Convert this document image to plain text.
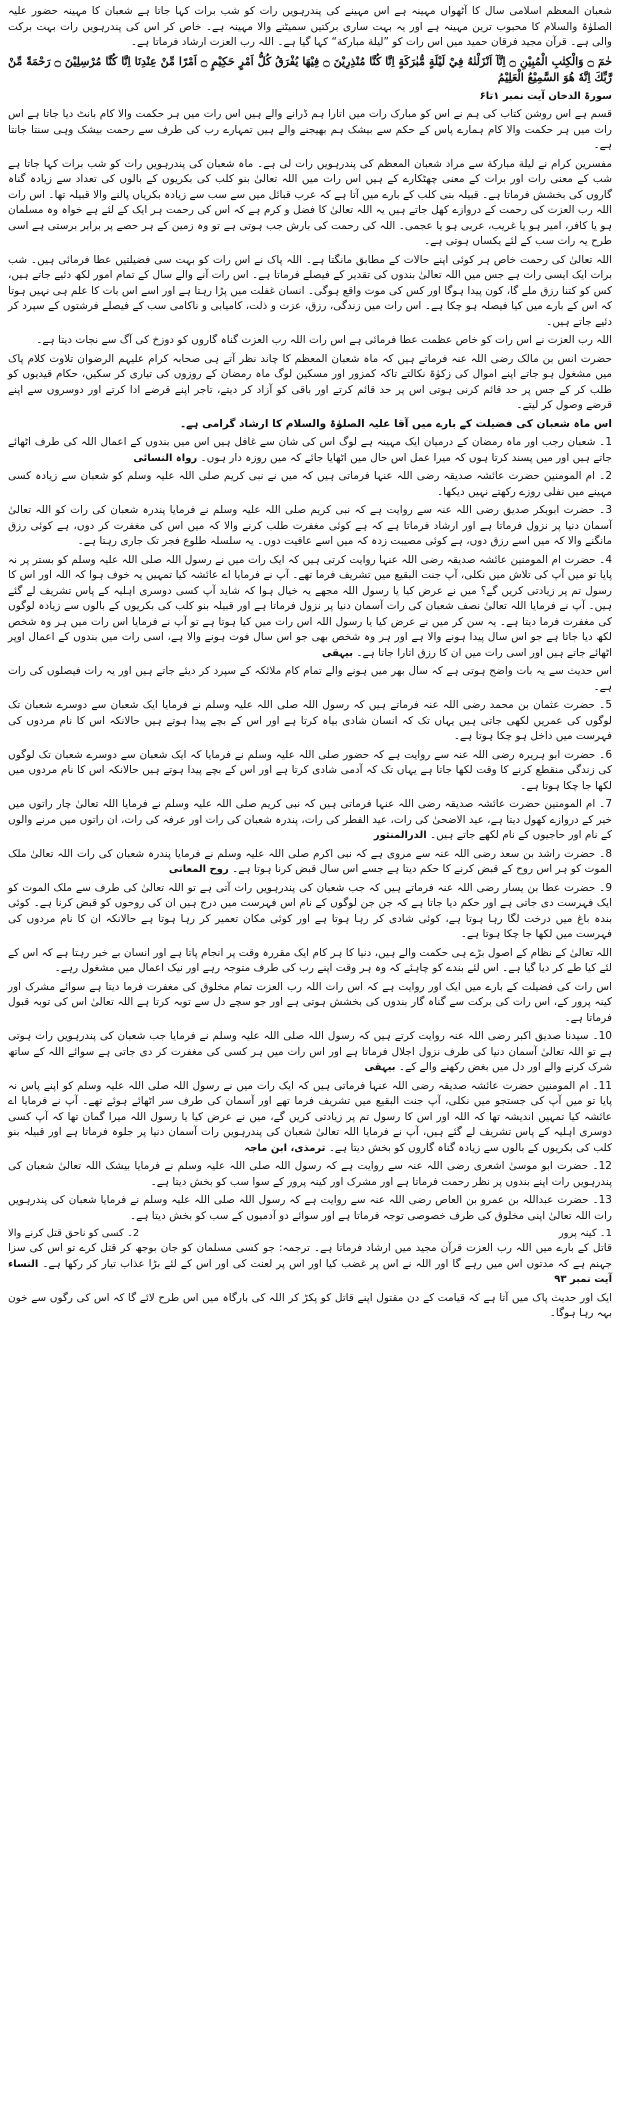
شعبان المعظم اسلامی سال کا آٹھواں مہینہ ہے اس مہینے کی پندرہویں رات کو شب برات کہا جاتا ہے شعبان کا مہینہ حضور علیہ الصلوٰۃ والسلام کا محبوب ترین مہینہ ہے اور یہ بہت ساری برکتیں سمیٹنے والا مہینہ ہے۔ خاص کر اس کی پندرہویں رات بہت برکت والی ہے۔ قرآن مجید فرقان حمید میں اس رات کو ”لیلة مبارکة“ کہا گیا ہے۔ اللہ رب العزت ارشاد فرماتا ہے۔

حٰمٓ ۝ وَالْكِتٰبِ الْمُبِيْنِ ۝ اِنَّآ اَنْزَلْنٰهُ فِيْ لَيْلَةٍ مُّبٰرَكَةٍ اِنَّا كُنَّا مُنْذِرِيْنَ ۝ فِيْهَا يُفْرَقُ كُلُّ اَمْرٍ حَكِيْمٍ ۝ اَمْرًا مِّنْ عِنْدِنَا اِنَّا كُنَّا مُرْسِلِيْنَ ۝ رَحْمَةً مِّنْ رَّبِّكَ اِنَّهٗ هُوَ السَّمِيْعُ الْعَلِيْمُ

سورۃ الدخان آیت نمبر ۱تا۶

قسم ہے اس روشن کتاب کی ہم نے اس کو مبارک رات میں اتارا ہم ڈرانے والے ہیں اس رات میں ہر حکمت والا کام بانٹ دیا جاتا ہے اس رات میں ہر حکمت والا کام ہمارے پاس کے حکم سے بیشک ہم بھیجنے والے ہیں تمہارے رب کی طرف سے رحمت بیشک وہی سنتا جانتا ہے۔

مفسرین کرام نے لیلة مبارکة سے مراد شعبان المعظم کی پندرہویں رات لی ہے۔ ماہ شعبان کی پندرہویں رات کو شب برات کہا جاتا ہے شب کے معنی رات اور برات کے معنی چھٹکارے کے ہیں اس رات میں اللہ تعالیٰ بنو کلب کی بکریوں کے بالوں کی تعداد سے زیادہ گناہ گاروں کی بخشش فرماتا ہے۔ قبیلہ بنی کلب کے بارے میں آتا ہے کہ عرب قبائل میں سے سب سے زیادہ بکریاں پالنے والا قبیلہ تھا۔ اس رات اللہ رب العزت کی رحمت کے دروازے کھل جاتے ہیں یہ اللہ تعالیٰ کا فضل و کرم ہے کہ اس کی رحمت ہر ایک کے لئے ہے خواہ وہ مسلمان ہو یا کافر، امیر ہو یا غریب، عربی ہو یا عجمی۔ اللہ کی رحمت کی بارش جب ہوتی ہے تو وہ زمین کے ہر حصے پر برابر برستی ہے اسی طرح یہ رات سب کے لئے یکساں ہوتی ہے۔

اللہ تعالیٰ کی رحمت خاص ہر کوئی اپنے حالات کے مطابق مانگتا ہے۔ اللہ پاک نے اس رات کو بہت سی فضیلتیں عطا فرمائی ہیں۔ شب برات ایک ایسی رات ہے جس میں اللہ تعالیٰ بندوں کی تقدیر کے فیصلے فرماتا ہے۔ اس رات آنے والے سال کے تمام امور لکھ دئیے جاتے ہیں، کس کو کتنا رزق ملے گا، کون پیدا ہوگا اور کس کی موت واقع ہوگی۔ انسان غفلت میں پڑا رہتا ہے اور اسے اس بات کا علم ہی نہیں ہوتا کہ اس کے بارے میں کیا فیصلہ ہو چکا ہے۔ اس رات میں زندگی، رزق، عزت و ذلت، کامیابی و ناکامی سب کے فیصلے فرشتوں کے سپرد کر دئیے جاتے ہیں۔

اللہ رب العزت نے اس رات کو خاص عظمت عطا فرمائی ہے اس رات اللہ رب العزت گناہ گاروں کو دوزخ کی آگ سے نجات دیتا ہے۔

حضرت انس بن مالک رضی اللہ عنہ فرماتے ہیں کہ ماہ شعبان المعظم کا چاند نظر آتے ہی صحابہ کرام علیہم الرضوان تلاوت کلام پاک میں مشغول ہو جاتے اپنے اموال کی زکوٰۃ نکالتے تاکہ کمزور اور مسکین لوگ ماہ رمضان کے روزوں کی تیاری کر سکیں، حکام قیدیوں کو طلب کر کے جس پر حد قائم کرنی ہوتی اس پر حد قائم کرتے اور باقی کو آزاد کر دیتے، تاجر اپنے قرضے ادا کرتے اور دوسروں سے اپنے قرضے وصول کر لیتے۔

اس ماہ شعبان کی فضیلت کے بارے میں آقا علیہ الصلوٰۃ والسلام کا ارشاد گرامی ہے۔

1۔ شعبان رجب اور ماہ رمضان کے درمیان ایک مہینہ ہے لوگ اس کی شان سے غافل ہیں اس میں بندوں کے اعمال اللہ کی طرف اٹھائے جاتے ہیں اور میں پسند کرتا ہوں کہ میرا عمل اس حال میں اٹھایا جائے کہ میں روزہ دار ہوں۔ رواہ النسائی

2۔ ام المومنین حضرت عائشہ صدیقہ رضی اللہ عنہا فرماتی ہیں کہ میں نے نبی کریم صلی اللہ علیہ وسلم کو شعبان سے زیادہ کسی مہینے میں نفلی روزے رکھتے نہیں دیکھا۔

3۔ حضرت ابوبکر صدیق رضی اللہ عنہ سے روایت ہے کہ نبی کریم صلی اللہ علیہ وسلم نے فرمایا پندرہ شعبان کی رات کو اللہ تعالیٰ آسمان دنیا پر نزول فرماتا ہے اور ارشاد فرماتا ہے کہ ہے کوئی مغفرت طلب کرنے والا کہ میں اس کی مغفرت کر دوں، ہے کوئی رزق مانگنے والا کہ میں اسے رزق دوں، ہے کوئی مصیبت زدہ کہ میں اسے عافیت دوں۔ یہ سلسلہ طلوع فجر تک جاری رہتا ہے۔

4۔ حضرت ام المومنین عائشہ صدیقہ رضی اللہ عنہا روایت کرتی ہیں کہ ایک رات میں نے رسول اللہ صلی اللہ علیہ وسلم کو بستر پر نہ پایا تو میں آپ کی تلاش میں نکلی، آپ جنت البقیع میں تشریف فرما تھے۔ آپ نے فرمایا اے عائشہ کیا تمہیں یہ خوف ہوا کہ اللہ اور اس کا رسول تم پر زیادتی کریں گے؟ میں نے عرض کیا یا رسول اللہ مجھے یہ خیال ہوا کہ شاید آپ کسی دوسری اہلیہ کے پاس تشریف لے گئے ہیں۔ آپ نے فرمایا اللہ تعالیٰ نصف شعبان کی رات آسمان دنیا پر نزول فرماتا ہے اور قبیلہ بنو کلب کی بکریوں کے بالوں سے زیادہ لوگوں کی مغفرت فرما دیتا ہے۔ یہ سن کر میں نے عرض کیا یا رسول اللہ اس رات میں کیا ہوتا ہے تو آپ نے فرمایا اس رات میں ہر وہ شخص لکھ دیا جاتا ہے جو اس سال پیدا ہونے والا ہے اور ہر وہ شخص بھی جو اس سال فوت ہونے والا ہے، اسی رات میں بندوں کے اعمال اوپر اٹھائے جاتے ہیں اور اسی رات میں ان کا رزق اتارا جاتا ہے۔ بیہقی

اس حدیث سے یہ بات واضح ہوتی ہے کہ سال بھر میں ہونے والے تمام کام ملائکہ کے سپرد کر دیئے جاتے ہیں اور یہ رات فیصلوں کی رات ہے۔

5۔ حضرت عثمان بن محمد رضی اللہ عنہ فرماتے ہیں کہ رسول اللہ صلی اللہ علیہ وسلم نے فرمایا ایک شعبان سے دوسرے شعبان تک لوگوں کی عمریں لکھی جاتی ہیں یہاں تک کہ انسان شادی بیاہ کرتا ہے اور اس کے بچے پیدا ہوتے ہیں حالانکہ اس کا نام مردوں کی فہرست میں داخل ہو چکا ہوتا ہے۔

6۔ حضرت ابو ہریرہ رضی اللہ عنہ سے روایت ہے کہ حضور صلی اللہ علیہ وسلم نے فرمایا کہ ایک شعبان سے دوسرے شعبان تک لوگوں کی زندگی منقطع کرنے کا وقت لکھا جاتا ہے یہاں تک کہ آدمی شادی کرتا ہے اور اس کے بچے پیدا ہوتے ہیں حالانکہ اس کا نام مردوں میں لکھا جا چکا ہوتا ہے۔

7۔ ام المومنین حضرت عائشہ صدیقہ رضی اللہ عنہا فرماتی ہیں کہ نبی کریم صلی اللہ علیہ وسلم نے فرمایا اللہ تعالیٰ چار راتوں میں خیر کے دروازے کھول دیتا ہے، عید الاضحیٰ کی رات، عید الفطر کی رات، پندرہ شعبان کی رات اور عرفہ کی رات، ان راتوں میں مرنے والوں کے نام اور حاجیوں کے نام لکھے جاتے ہیں۔ الدرالمنثور

8۔ حضرت راشد بن سعد رضی اللہ عنہ سے مروی ہے کہ نبی اکرم صلی اللہ علیہ وسلم نے فرمایا پندرہ شعبان کی رات اللہ تعالیٰ ملک الموت کو ہر اس روح کے قبض کرنے کا حکم دیتا ہے جسے اس سال قبض کرنا ہوتا ہے۔ روح المعانی

9۔ حضرت عطا بن یسار رضی اللہ عنہ فرماتے ہیں کہ جب شعبان کی پندرہویں رات آتی ہے تو اللہ تعالیٰ کی طرف سے ملک الموت کو ایک فہرست دی جاتی ہے اور حکم دیا جاتا ہے کہ جن جن لوگوں کے نام اس فہرست میں درج ہیں ان کی روحوں کو قبض کرنا ہے۔ کوئی بندہ باغ میں درخت لگا رہا ہوتا ہے، کوئی شادی کر رہا ہوتا ہے اور کوئی مکان تعمیر کر رہا ہوتا ہے حالانکہ ان کا نام مردوں کی فہرست میں لکھا جا چکا ہوتا ہے۔

اللہ تعالیٰ کے نظام کے اصول بڑے ہی حکمت والے ہیں، دنیا کا ہر کام ایک مقررہ وقت پر انجام پاتا ہے اور انسان بے خبر رہتا ہے کہ اس کے لئے کیا طے کر دیا گیا ہے۔ اس لئے بندے کو چاہئے کہ وہ ہر وقت اپنے رب کی طرف متوجہ رہے اور نیک اعمال میں مشغول رہے۔

اس رات کی فضیلت کے بارے میں ایک اور روایت ہے کہ اس رات اللہ رب العزت تمام مخلوق کی مغفرت فرما دیتا ہے سوائے مشرک اور کینہ پرور کے، اس رات کی برکت سے گناہ گار بندوں کی بخشش ہوتی ہے اور جو سچے دل سے توبہ کرتا ہے اللہ تعالیٰ اس کی توبہ قبول فرماتا ہے۔

10۔ سیدنا صدیق اکبر رضی اللہ عنہ روایت کرتے ہیں کہ رسول اللہ صلی اللہ علیہ وسلم نے فرمایا جب شعبان کی پندرہویں رات ہوتی ہے تو اللہ تعالیٰ آسمان دنیا کی طرف نزول اجلال فرماتا ہے اور اس رات میں ہر کسی کی مغفرت کر دی جاتی ہے سوائے اللہ کے ساتھ شرک کرنے والے اور دل میں بغض رکھنے والے کے۔ بیہقی

11۔ ام المومنین حضرت عائشہ صدیقہ رضی اللہ عنہا فرماتی ہیں کہ ایک رات میں نے رسول اللہ صلی اللہ علیہ وسلم کو اپنے پاس نہ پایا تو میں آپ کی جستجو میں نکلی، آپ جنت البقیع میں تشریف فرما تھے اور آسمان کی طرف سر اٹھائے ہوئے تھے۔ آپ نے فرمایا اے عائشہ کیا تمہیں اندیشہ تھا کہ اللہ اور اس کا رسول تم پر زیادتی کریں گے، میں نے عرض کیا یا رسول اللہ میرا گمان تھا کہ آپ کسی دوسری اہلیہ کے پاس تشریف لے گئے ہیں، آپ نے فرمایا اللہ تعالیٰ شعبان کی پندرہویں رات آسمان دنیا پر جلوہ فرماتا ہے اور قبیلہ بنو کلب کی بکریوں کے بالوں سے زیادہ گناہ گاروں کو بخش دیتا ہے۔ ترمذی، ابن ماجہ

12۔ حضرت ابو موسیٰ اشعری رضی اللہ عنہ سے روایت ہے کہ رسول اللہ صلی اللہ علیہ وسلم نے فرمایا بیشک اللہ تعالیٰ شعبان کی پندرہویں رات اپنے بندوں پر نظر رحمت فرماتا ہے اور مشرک اور کینہ پرور کے سوا سب کو بخش دیتا ہے۔

13۔ حضرت عبداللہ بن عمرو بن العاص رضی اللہ عنہ سے روایت ہے کہ رسول اللہ صلی اللہ علیہ وسلم نے فرمایا شعبان کی پندرہویں رات اللہ تعالیٰ اپنی مخلوق کی طرف خصوصی توجہ فرماتا ہے اور سوائے دو آدمیوں کے سب کو بخش دیتا ہے۔

1۔ کینہ پرور
2۔ کسی کو ناحق قتل کرنے والا

قاتل کے بارے میں اللہ رب العزت قرآن مجید میں ارشاد فرماتا ہے۔ ترجمہ: جو کسی مسلمان کو جان بوجھ کر قتل کرے تو اس کی سزا جہنم ہے کہ مدتوں اس میں رہے گا اور اللہ نے اس پر غضب کیا اور اس پر لعنت کی اور اس کے لئے بڑا عذاب تیار کر رکھا ہے۔ النساء آیت نمبر ۹۳

ایک اور حدیث پاک میں آتا ہے کہ قیامت کے دن مقتول اپنے قاتل کو پکڑ کر اللہ کی بارگاہ میں اس طرح لائے گا کہ اس کی رگوں سے خون بہہ رہا ہوگا۔
